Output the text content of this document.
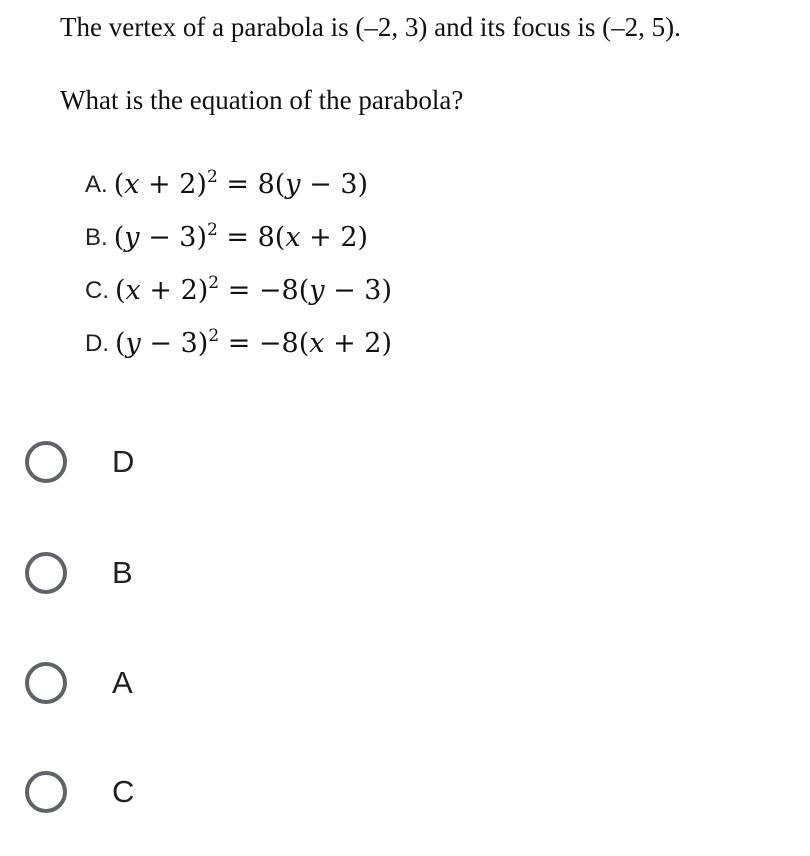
The vertex of a parabola is (–2, 3) and its focus is (–2, 5).
What is the equation of the parabola?
A. $(x + 2)^2 = 8(y - 3)$
B. $(y - 3)^2 = 8(x + 2)$
C. $(x + 2)^2 = -8(y - 3)$
D. $(y - 3)^2 = -8(x + 2)$
D
B
A
C
